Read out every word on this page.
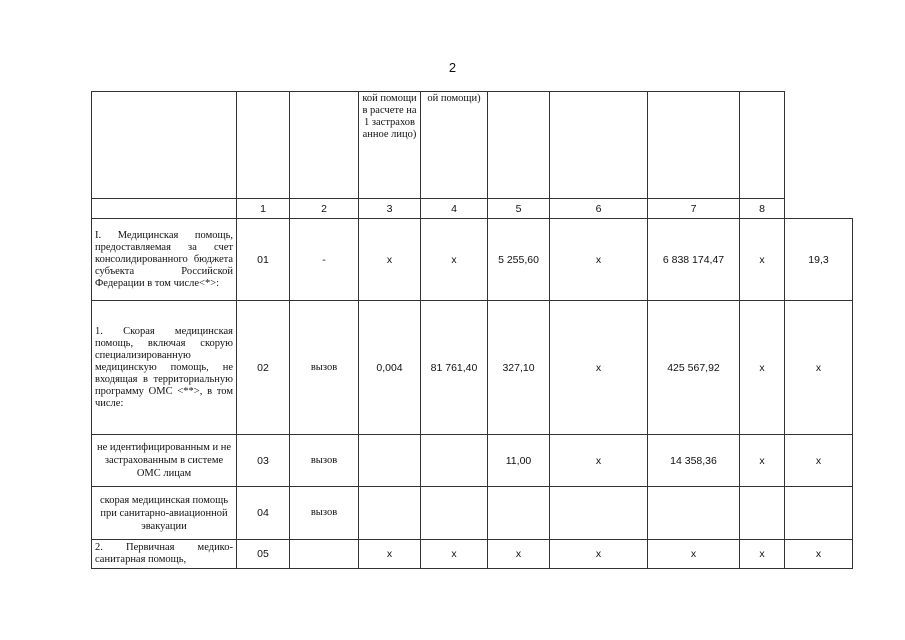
2
			кой помощи в расчете на 1 застрахов анное лицо)	ой помощи)					
	1	2	3	4	5	6	7	8	
I. Медицинская помощь, предоставляемая за счет консолидированного бюджета субъекта Российской Федерации в том числе<*>:	01	-	x	x	5 255,60	x	6 838 174,47	x	19,3
1. Скорая медицинская помощь, включая скорую специализированную медицинскую помощь, не входящая в территориальную программу ОМС <**>, в том числе:	02	вызов	0,004	81 761,40	327,10	x	425 567,92	x	x
не идентифицированным и не застрахованным в системе ОМС лицам	03	вызов			11,00	x	14 358,36	x	x
скорая медицинская помощь при санитарно-авиационной эвакуации	04	вызов							
2. Первичная медико-санитарная помощь,	05		x	x	x	x	x	x	x
